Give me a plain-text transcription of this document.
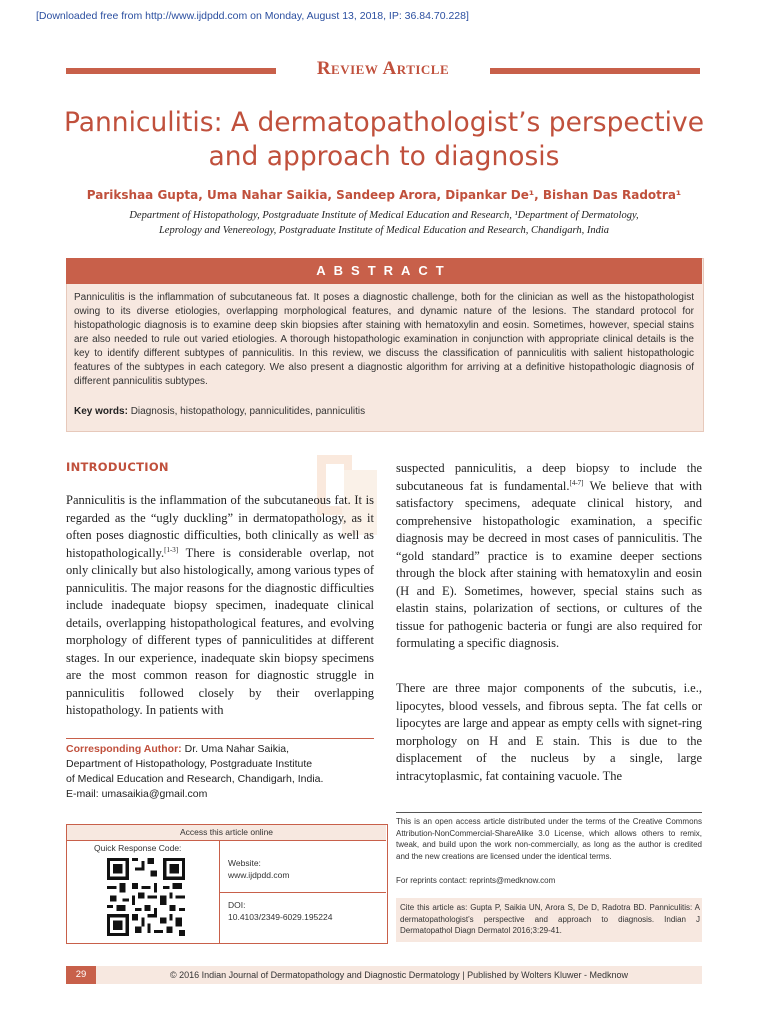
[Downloaded free from http://www.ijdpdd.com on Monday, August 13, 2018, IP: 36.84.70.228]
Review Article
Panniculitis: A dermatopathologist’s perspective
and approach to diagnosis
Parikshaa Gupta, Uma Nahar Saikia, Sandeep Arora, Dipankar De¹, Bishan Das Radotra¹
Department of Histopathology, Postgraduate Institute of Medical Education and Research, ¹Department of Dermatology,
Leprology and Venereology, Postgraduate Institute of Medical Education and Research, Chandigarh, India
ABSTRACT
Panniculitis is the inflammation of subcutaneous fat. It poses a diagnostic challenge, both for the clinician as well as the histopathologist owing to its diverse etiologies, overlapping morphological features, and dynamic nature of the lesions. The standard protocol for histopathologic diagnosis is to examine deep skin biopsies after staining with hematoxylin and eosin. Sometimes, however, special stains are also needed to rule out varied etiologies. A thorough histopathologic examination in conjunction with appropriate clinical details is the key to identify different subtypes of panniculitis. In this review, we discuss the classification of panniculitis with salient histopathologic features of the subtypes in each category. We also present a diagnostic algorithm for arriving at a definitive histopathologic diagnosis of different panniculitis subtypes.
Key words: Diagnosis, histopathology, panniculitides, panniculitis
INTRODUCTION
Panniculitis is the inflammation of the subcutaneous fat. It is regarded as the “ugly duckling” in dermatopathology, as it often poses diagnostic difficulties, both clinically as well as histopathologically.[1-3] There is considerable overlap, not only clinically but also histologically, among various types of panniculitis. The major reasons for the diagnostic difficulties include inadequate biopsy specimen, inadequate clinical details, overlapping histopathological features, and evolving morphology of different types of panniculitides at different stages. In our experience, inadequate skin biopsy specimens are the most common reason for diagnostic struggle in panniculitis followed closely by their overlapping histopathology. In patients with
Corresponding Author: Dr. Uma Nahar Saikia,
Department of Histopathology, Postgraduate Institute
of Medical Education and Research, Chandigarh, India.
E-mail: umasaikia@gmail.com
Access this article online
Quick Response Code:
Website:
www.ijdpdd.com
DOI:
10.4103/2349-6029.195224
suspected panniculitis, a deep biopsy to include the subcutaneous fat is fundamental.[4-7] We believe that with satisfactory specimens, adequate clinical history, and comprehensive histopathologic examination, a specific diagnosis may be decreed in most cases of panniculitis. The “gold standard” practice is to examine deeper sections through the block after staining with hematoxylin and eosin (H and E). Sometimes, however, special stains such as elastin stains, polarization of sections, or cultures of the tissue for pathogenic bacteria or fungi are also required for formulating a specific diagnosis.
There are three major components of the subcutis, i.e., lipocytes, blood vessels, and fibrous septa. The fat cells or lipocytes are large and appear as empty cells with signet-ring morphology on H and E stain. This is due to the displacement of the nucleus by a single, large intracytoplasmic, fat containing vacuole. The
This is an open access article distributed under the terms of the Creative Commons Attribution-NonCommercial-ShareAlike 3.0 License, which allows others to remix, tweak, and build upon the work non-commercially, as long as the author is credited and the new creations are licensed under the identical terms.
For reprints contact: reprints@medknow.com
Cite this article as: Gupta P, Saikia UN, Arora S, De D, Radotra BD. Panniculitis: A dermatopathologist’s perspective and approach to diagnosis. Indian J Dermatopathol Diagn Dermatol 2016;3:29-41.
29	© 2016 Indian Journal of Dermatopathology and Diagnostic Dermatology | Published by Wolters Kluwer - Medknow
